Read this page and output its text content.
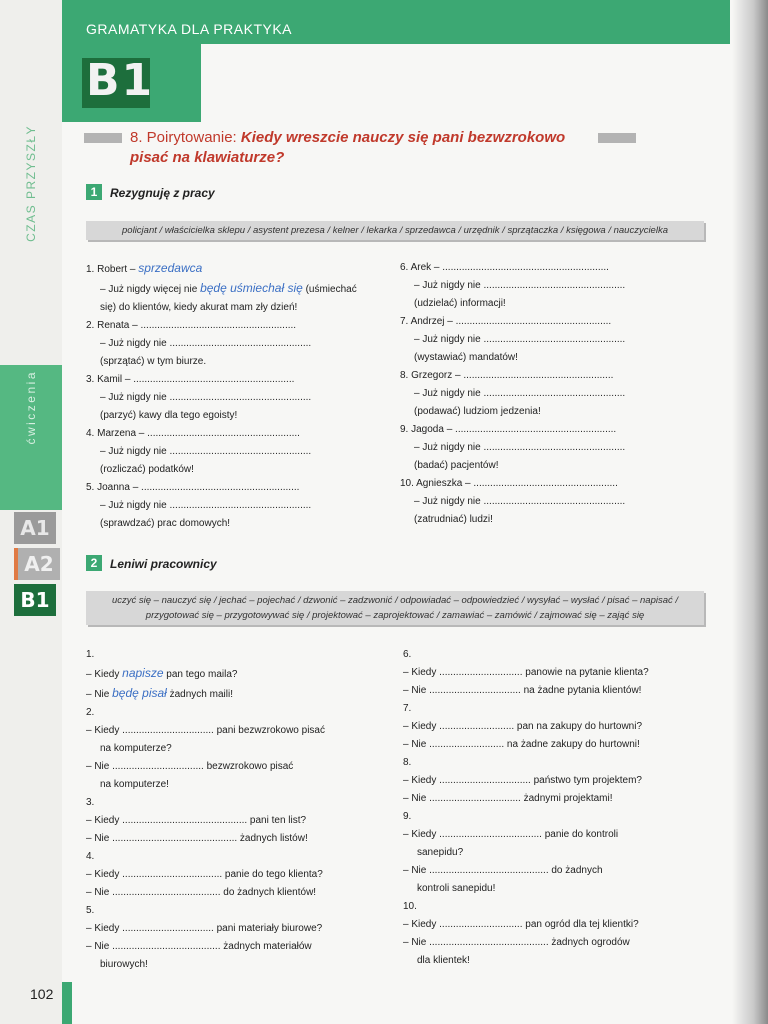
GRAMATYKA DLA PRAKTYKA
B1
CZAS PRZYSZŁY
ćwiczenia
A1
A2
B1
8. Poirytowanie: Kiedy wreszcie nauczy się pani bezwzrokowo
pisać na klawiaturze?
1	Rezygnuję z pracy
policjant / właścicielka sklepu / asystent prezesa / kelner / lekarka / sprzedawca / urzędnik / sprzątaczka / księgowa / nauczycielka
1. Robert – sprzedawca
– Już nigdy więcej nie będę uśmiechał się (uśmiechać
się) do klientów, kiedy akurat mam zły dzień!
2. Renata – ........................................................
– Już nigdy nie ...................................................
(sprzątać) w tym biurze.
3. Kamil – ..........................................................
– Już nigdy nie ...................................................
(parzyć) kawy dla tego egoisty!
4. Marzena – .......................................................
– Już nigdy nie ...................................................
(rozliczać) podatków!
5. Joanna – .........................................................
– Już nigdy nie ...................................................
(sprawdzać) prac domowych!
6. Arek – ............................................................
– Już nigdy nie ...................................................
(udzielać) informacji!
7. Andrzej – ........................................................
– Już nigdy nie ...................................................
(wystawiać) mandatów!
8. Grzegorz – ......................................................
– Już nigdy nie ...................................................
(podawać) ludziom jedzenia!
9. Jagoda – ..........................................................
– Już nigdy nie ...................................................
(badać) pacjentów!
10. Agnieszka – ....................................................
– Już nigdy nie ...................................................
(zatrudniać) ludzi!
2	Leniwi pracownicy
uczyć się – nauczyć się / jechać – pojechać / dzwonić – zadzwonić / odpowiadać – odpowiedzieć / wysyłać – wysłać / pisać – napisać /
przygotować się – przygotowywać się / projektować – zaprojektować / zamawiać – zamówić / zajmować się – zająć się
1.
– Kiedy napisze pan tego maila?
– Nie będę pisał żadnych maili!
2.
– Kiedy ................................. pani bezwzrokowo pisać
na komputerze?
– Nie ................................. bezwzrokowo pisać
na komputerze!
3.
– Kiedy ............................................. pani ten list?
– Nie ............................................. żadnych listów!
4.
– Kiedy .................................... panie do tego klienta?
– Nie ....................................... do żadnych klientów!
5.
– Kiedy ................................. pani materiały biurowe?
– Nie ....................................... żadnych materiałów
biurowych!
6.
– Kiedy .............................. panowie na pytanie klienta?
– Nie ................................. na żadne pytania klientów!
7.
– Kiedy ........................... pan na zakupy do hurtowni?
– Nie ........................... na żadne zakupy do hurtowni!
8.
– Kiedy ................................. państwo tym projektem?
– Nie ................................. żadnymi projektami!
9.
– Kiedy ..................................... panie do kontroli
sanepidu?
– Nie ........................................... do żadnych
kontroli sanepidu!
10.
– Kiedy .............................. pan ogród dla tej klientki?
– Nie ........................................... żadnych ogrodów
dla klientek!
102
